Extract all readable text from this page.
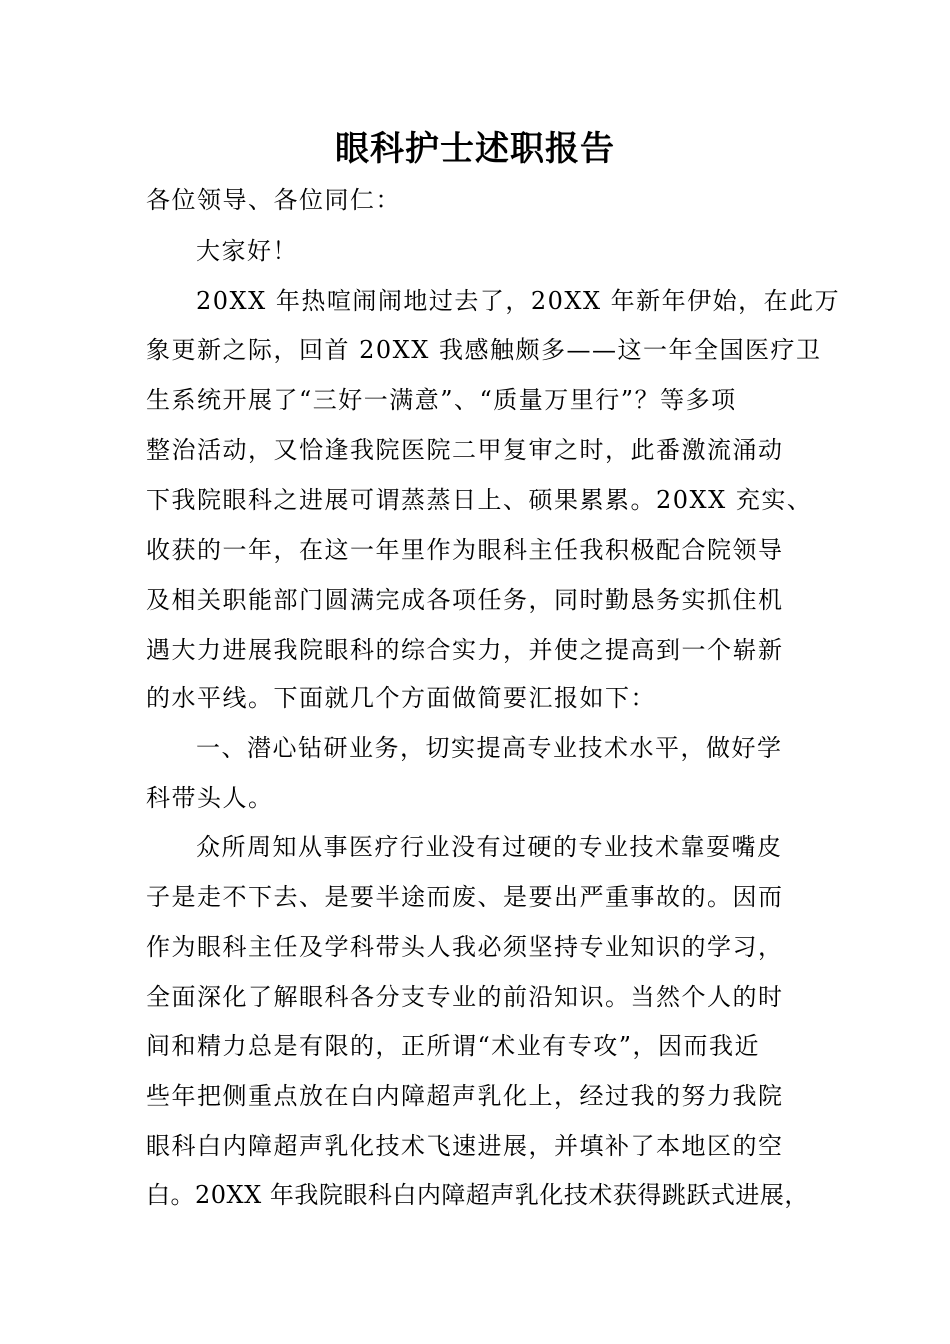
眼科护士述职报告
各位领导、各位同仁：
大家好！
20XX 年热喧闹闹地过去了，20XX 年新年伊始，在此万
象更新之际，回首 20XX 我感触颇多——这一年全国医疗卫
生系统开展了“三好一满意”、“质量万里行”？等多项
整治活动，又恰逢我院医院二甲复审之时，此番激流涌动
下我院眼科之进展可谓蒸蒸日上、硕果累累。20XX 充实、
收获的一年，在这一年里作为眼科主任我积极配合院领导
及相关职能部门圆满完成各项任务，同时勤恳务实抓住机
遇大力进展我院眼科的综合实力，并使之提高到一个崭新
的水平线。下面就几个方面做简要汇报如下：
一、潜心钻研业务，切实提高专业技术水平，做好学
科带头人。
众所周知从事医疗行业没有过硬的专业技术靠耍嘴皮
子是走不下去、是要半途而废、是要出严重事故的。因而
作为眼科主任及学科带头人我必须坚持专业知识的学习，
全面深化了解眼科各分支专业的前沿知识。当然个人的时
间和精力总是有限的，正所谓“术业有专攻”，因而我近
些年把侧重点放在白内障超声乳化上，经过我的努力我院
眼科白内障超声乳化技术飞速进展，并填补了本地区的空
白。20XX 年我院眼科白内障超声乳化技术获得跳跃式进展，
